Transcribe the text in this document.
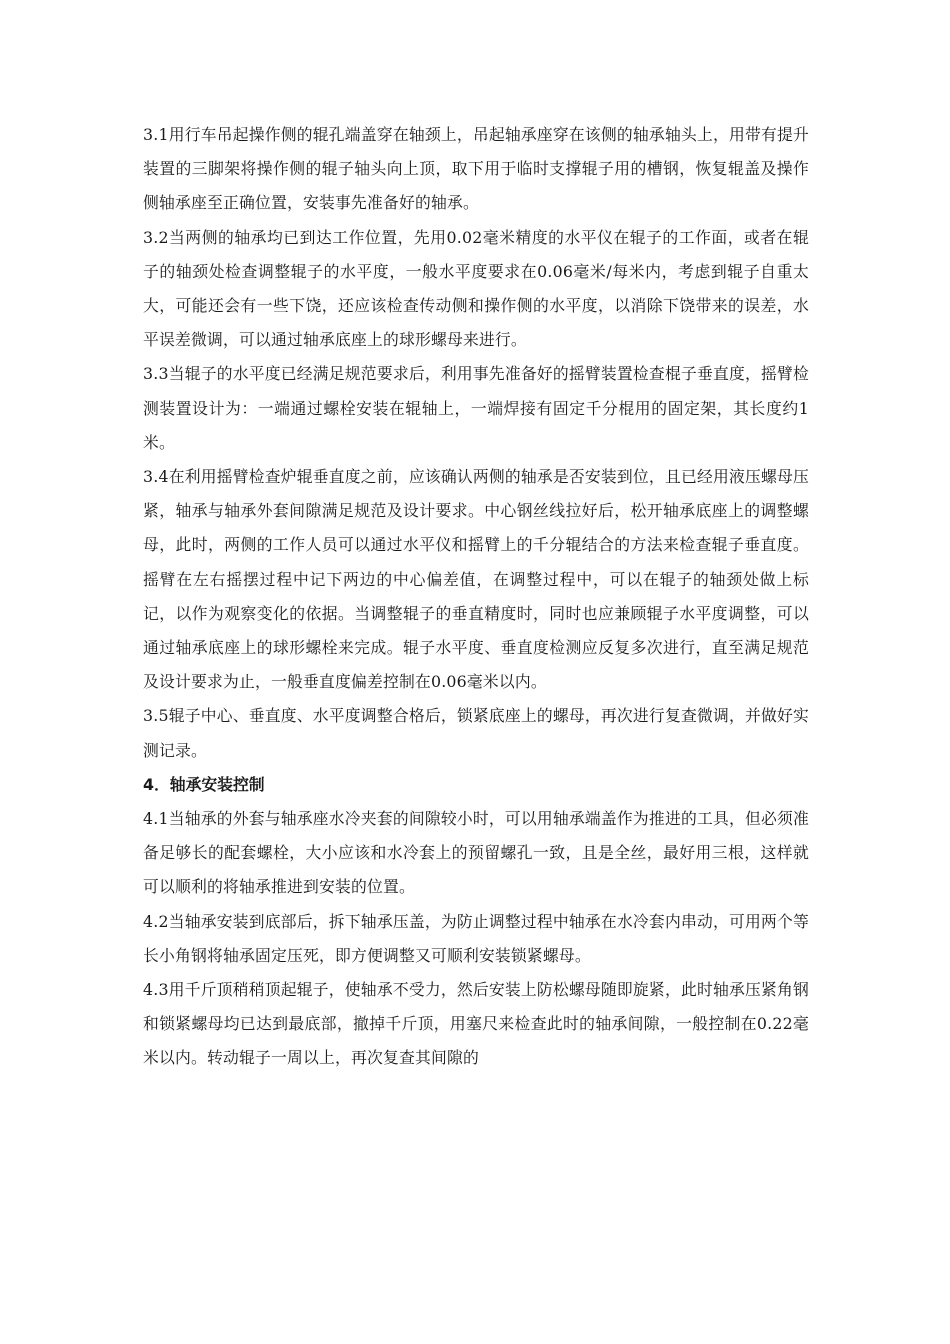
3.1用行车吊起操作侧的辊孔端盖穿在轴颈上，吊起轴承座穿在该侧的轴承轴头上，用带有提升装置的三脚架将操作侧的辊子轴头向上顶，取下用于临时支撑辊子用的槽钢，恢复辊盖及操作侧轴承座至正确位置，安装事先准备好的轴承。

3.2当两侧的轴承均已到达工作位置，先用0.02毫米精度的水平仪在辊子的工作面，或者在辊子的轴颈处检查调整辊子的水平度，一般水平度要求在0.06毫米/每米内，考虑到辊子自重太大，可能还会有一些下饶，还应该检查传动侧和操作侧的水平度，以消除下饶带来的误差，水平误差微调，可以通过轴承底座上的球形螺母来进行。

3.3当辊子的水平度已经满足规范要求后，利用事先准备好的摇臂装置检查棍子垂直度，摇臂检测装置设计为：一端通过螺栓安装在辊轴上，一端焊接有固定千分棍用的固定架，其长度约1米。

3.4在利用摇臂检查炉辊垂直度之前，应该确认两侧的轴承是否安装到位，且已经用液压螺母压紧，轴承与轴承外套间隙满足规范及设计要求。中心钢丝线拉好后，松开轴承底座上的调整螺母，此时，两侧的工作人员可以通过水平仪和摇臂上的千分辊结合的方法来检查辊子垂直度。摇臂在左右摇摆过程中记下两边的中心偏差值，在调整过程中，可以在辊子的轴颈处做上标记，以作为观察变化的依据。当调整辊子的垂直精度时，同时也应兼顾辊子水平度调整，可以通过轴承底座上的球形螺栓来完成。辊子水平度、垂直度检测应反复多次进行，直至满足规范及设计要求为止，一般垂直度偏差控制在0.06毫米以内。

3.5辊子中心、垂直度、水平度调整合格后，锁紧底座上的螺母，再次进行复查微调，并做好实测记录。

4．轴承安装控制

4.1当轴承的外套与轴承座水冷夹套的间隙较小时，可以用轴承端盖作为推进的工具，但必须准备足够长的配套螺栓，大小应该和水冷套上的预留螺孔一致，且是全丝，最好用三根，这样就可以顺利的将轴承推进到安装的位置。

4.2当轴承安装到底部后，拆下轴承压盖，为防止调整过程中轴承在水冷套内串动，可用两个等长小角钢将轴承固定压死，即方便调整又可顺利安装锁紧螺母。

4.3用千斤顶稍稍顶起辊子，使轴承不受力，然后安装上防松螺母随即旋紧，此时轴承压紧角钢和锁紧螺母均已达到最底部，撤掉千斤顶，用塞尺来检查此时的轴承间隙，一般控制在0.22毫米以内。转动辊子一周以上，再次复查其间隙的
